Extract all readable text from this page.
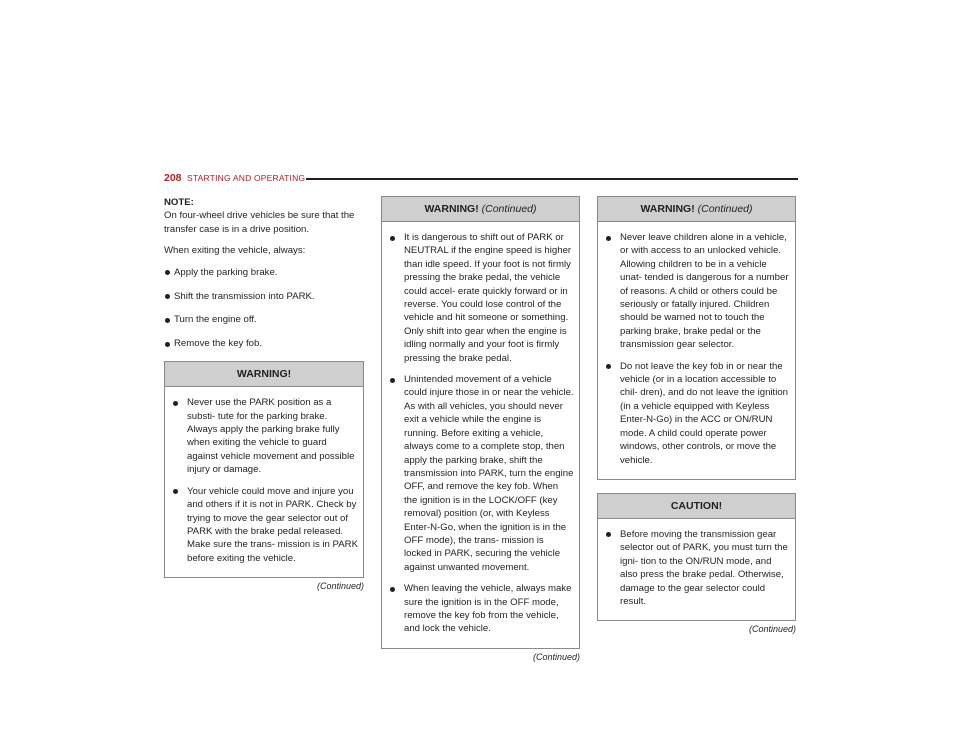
208 STARTING AND OPERATING

NOTE:

On four-wheel drive vehicles be sure that the transfer case is in a drive position.

When exiting the vehicle, always:

Apply the parking brake.
Shift the transmission into PARK.
Turn the engine off.
Remove the key fob.
WARNING!
Never use the PARK position as a substi- tute for the parking brake. Always apply the parking brake fully when exiting the vehicle to guard against vehicle movement and possible injury or damage.
Your vehicle could move and injure you and others if it is not in PARK. Check by trying to move the gear selector out of PARK with the brake pedal released. Make sure the trans- mission is in PARK before exiting the vehicle.
(Continued)
WARNING! (Continued)
It is dangerous to shift out of PARK or NEUTRAL if the engine speed is higher than idle speed. If your foot is not firmly pressing the brake pedal, the vehicle could accel- erate quickly forward or in reverse. You could lose control of the vehicle and hit someone or something. Only shift into gear when the engine is idling normally and your foot is firmly pressing the brake pedal.
Unintended movement of a vehicle could injure those in or near the vehicle. As with all vehicles, you should never exit a vehicle while the engine is running. Before exiting a vehicle, always come to a complete stop, then apply the parking brake, shift the transmission into PARK, turn the engine OFF, and remove the key fob. When the ignition is in the LOCK/OFF (key removal) position (or, with Keyless Enter-N-Go, when the ignition is in the OFF mode), the trans- mission is locked in PARK, securing the vehicle against unwanted movement.
When leaving the vehicle, always make sure the ignition is in the OFF mode, remove the key fob from the vehicle, and lock the vehicle.
(Continued)
WARNING! (Continued)
Never leave children alone in a vehicle, or with access to an unlocked vehicle. Allowing children to be in a vehicle unat- tended is dangerous for a number of reasons. A child or others could be seriously or fatally injured. Children should be warned not to touch the parking brake, brake pedal or the transmission gear selector.
Do not leave the key fob in or near the vehicle (or in a location accessible to chil- dren), and do not leave the ignition (in a vehicle equipped with Keyless Enter-N-Go) in the ACC or ON/RUN mode. A child could operate power windows, other controls, or move the vehicle.
CAUTION!
Before moving the transmission gear selector out of PARK, you must turn the igni- tion to the ON/RUN mode, and also press the brake pedal. Otherwise, damage to the gear selector could result.
(Continued)
